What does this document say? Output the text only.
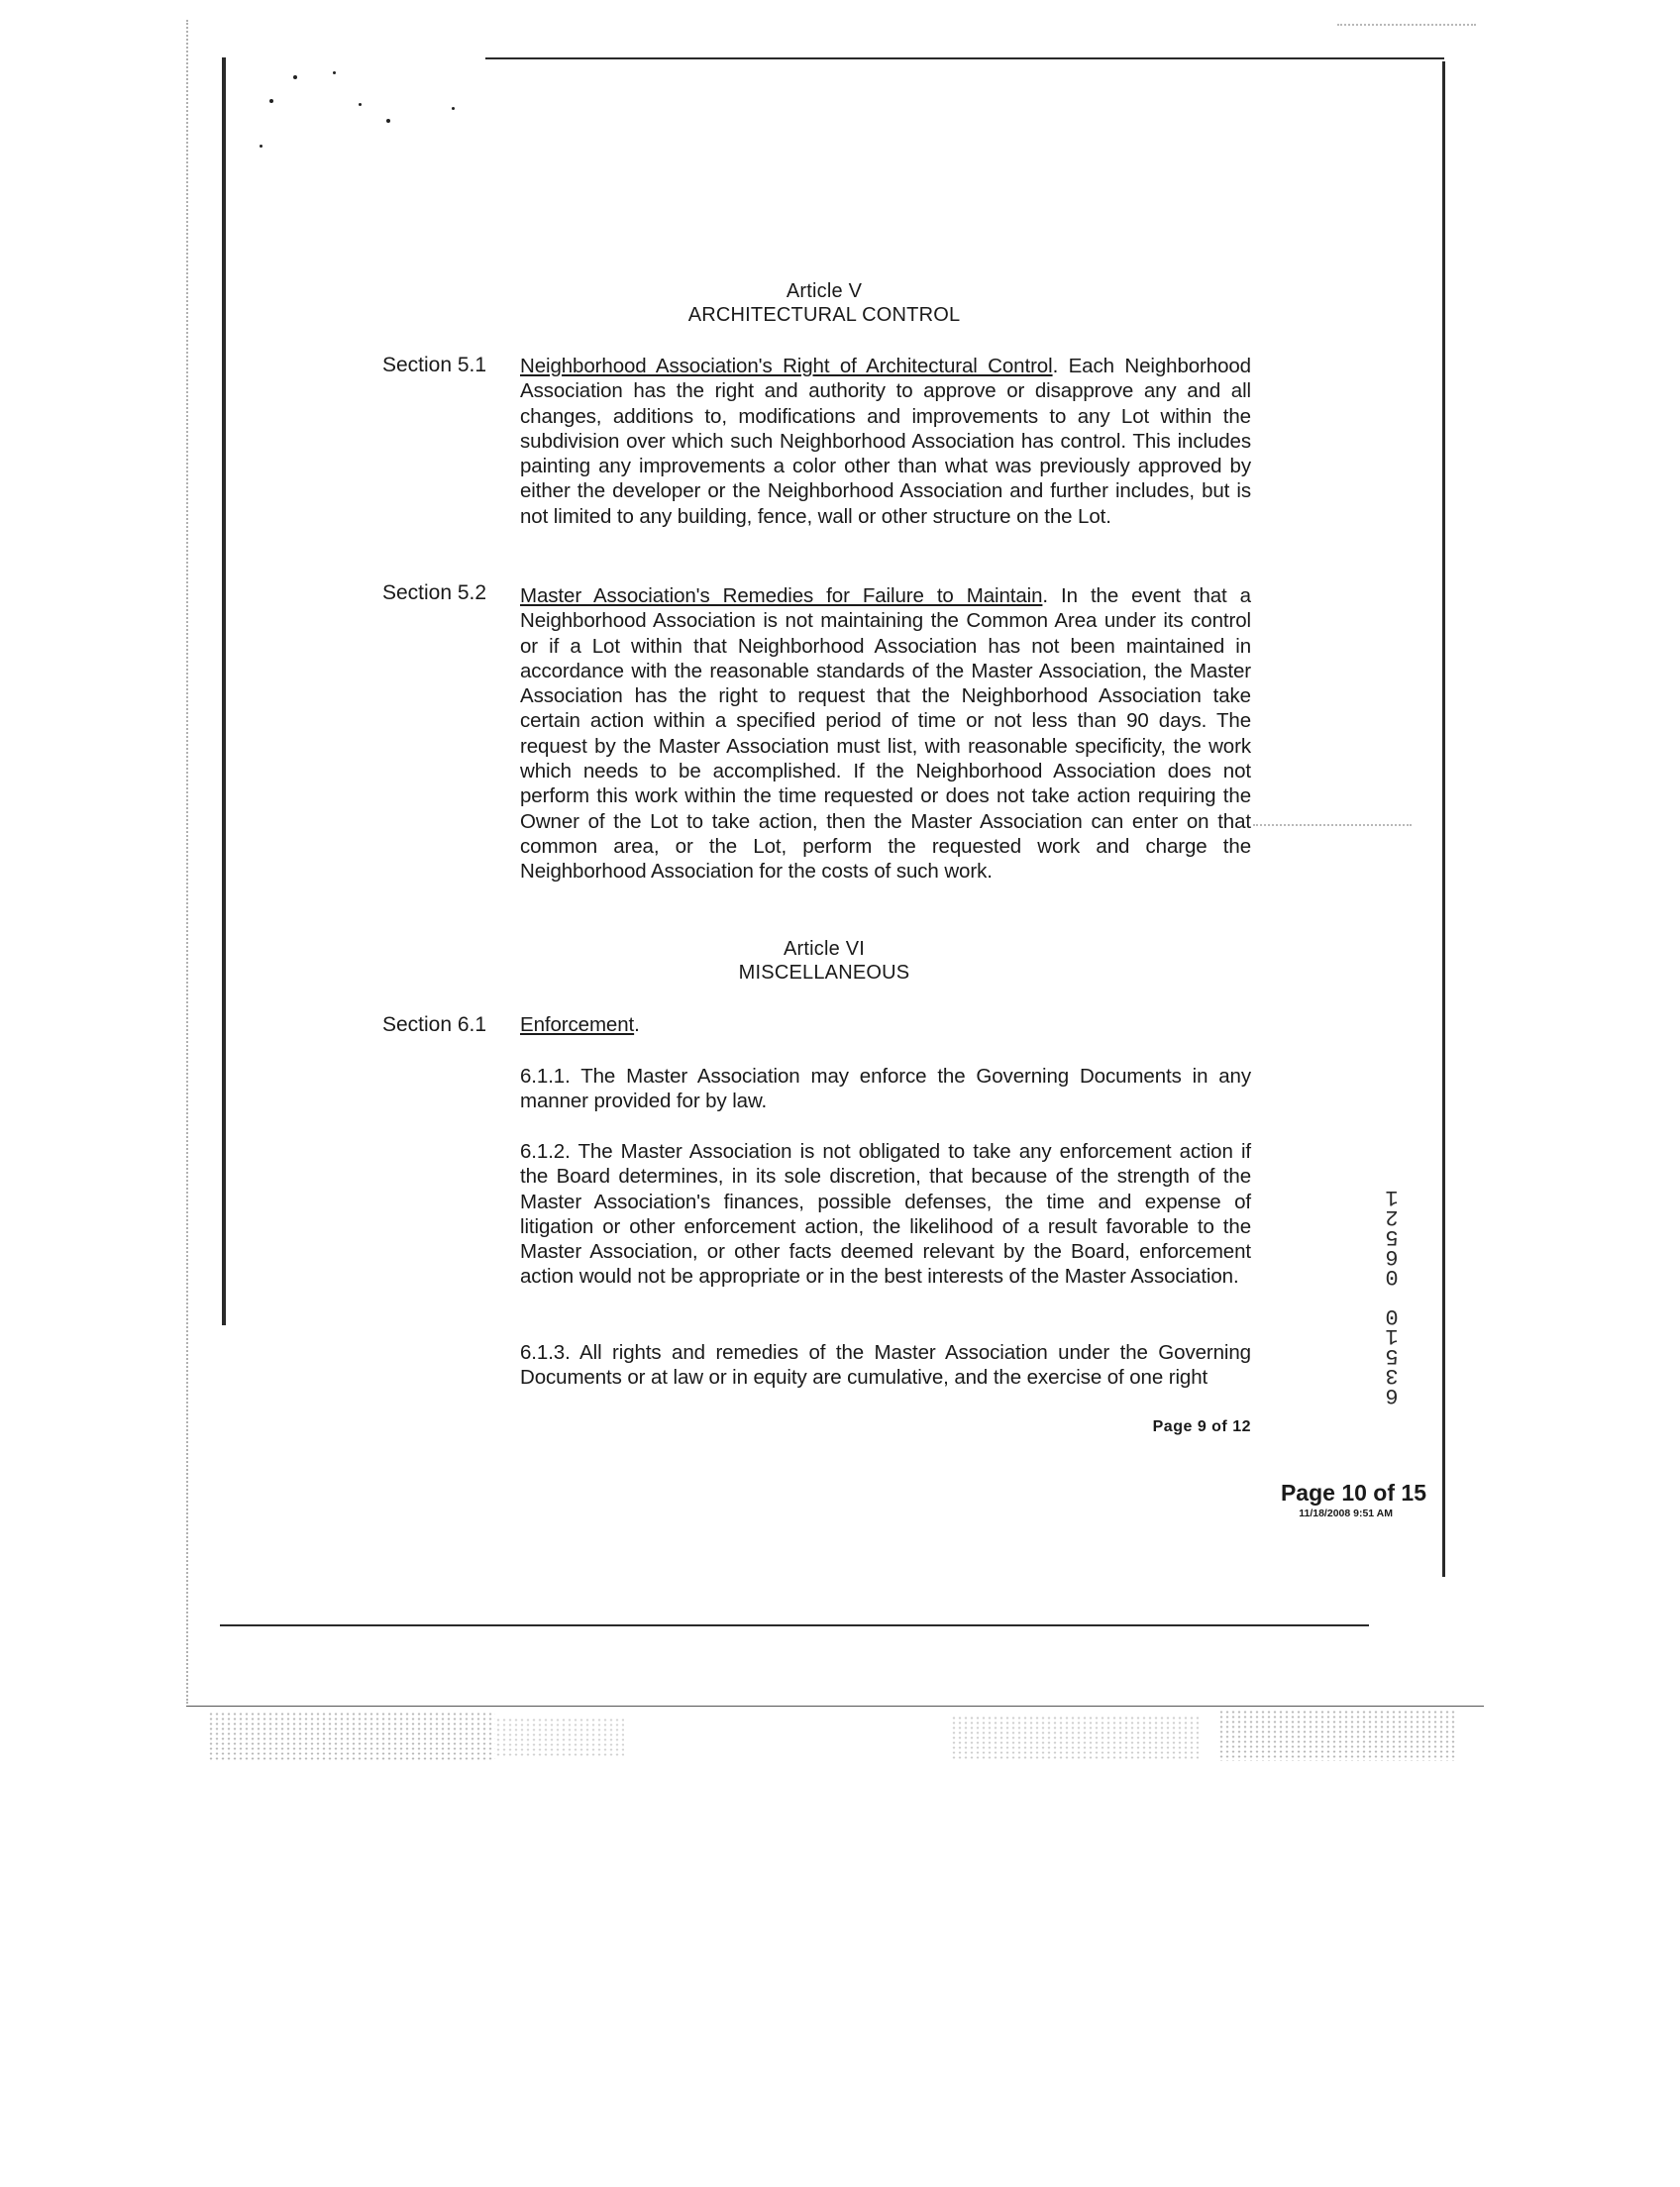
Article V
ARCHITECTURAL CONTROL
Section 5.1 Neighborhood Association's Right of Architectural Control. Each Neighborhood Association has the right and authority to approve or disapprove any and all changes, additions to, modifications and improvements to any Lot within the subdivision over which such Neighborhood Association has control. This includes painting any improvements a color other than what was previously approved by either the developer or the Neighborhood Association and further includes, but is not limited to any building, fence, wall or other structure on the Lot.
Section 5.2 Master Association's Remedies for Failure to Maintain. In the event that a Neighborhood Association is not maintaining the Common Area under its control or if a Lot within that Neighborhood Association has not been maintained in accordance with the reasonable standards of the Master Association, the Master Association has the right to request that the Neighborhood Association take certain action within a specified period of time or not less than 90 days. The request by the Master Association must list, with reasonable specificity, the work which needs to be accomplished. If the Neighborhood Association does not perform this work within the time requested or does not take action requiring the Owner of the Lot to take action, then the Master Association can enter on that common area, or the Lot, perform the requested work and charge the Neighborhood Association for the costs of such work.
Article VI
MISCELLANEOUS
Section 6.1 Enforcement.
6.1.1. The Master Association may enforce the Governing Documents in any manner provided for by law.
6.1.2. The Master Association is not obligated to take any enforcement action if the Board determines, in its sole discretion, that because of the strength of the Master Association's finances, possible defenses, the time and expense of litigation or other enforcement action, the likelihood of a result favorable to the Master Association, or other facts deemed relevant by the Board, enforcement action would not be appropriate or in the best interests of the Master Association.
6.1.3. All rights and remedies of the Master Association under the Governing Documents or at law or in equity are cumulative, and the exercise of one right
Page 9 of 12
Page 10 of 15
11/18/2008 9:51 AM
1
2
5
6
0
0
1
5
3
6
